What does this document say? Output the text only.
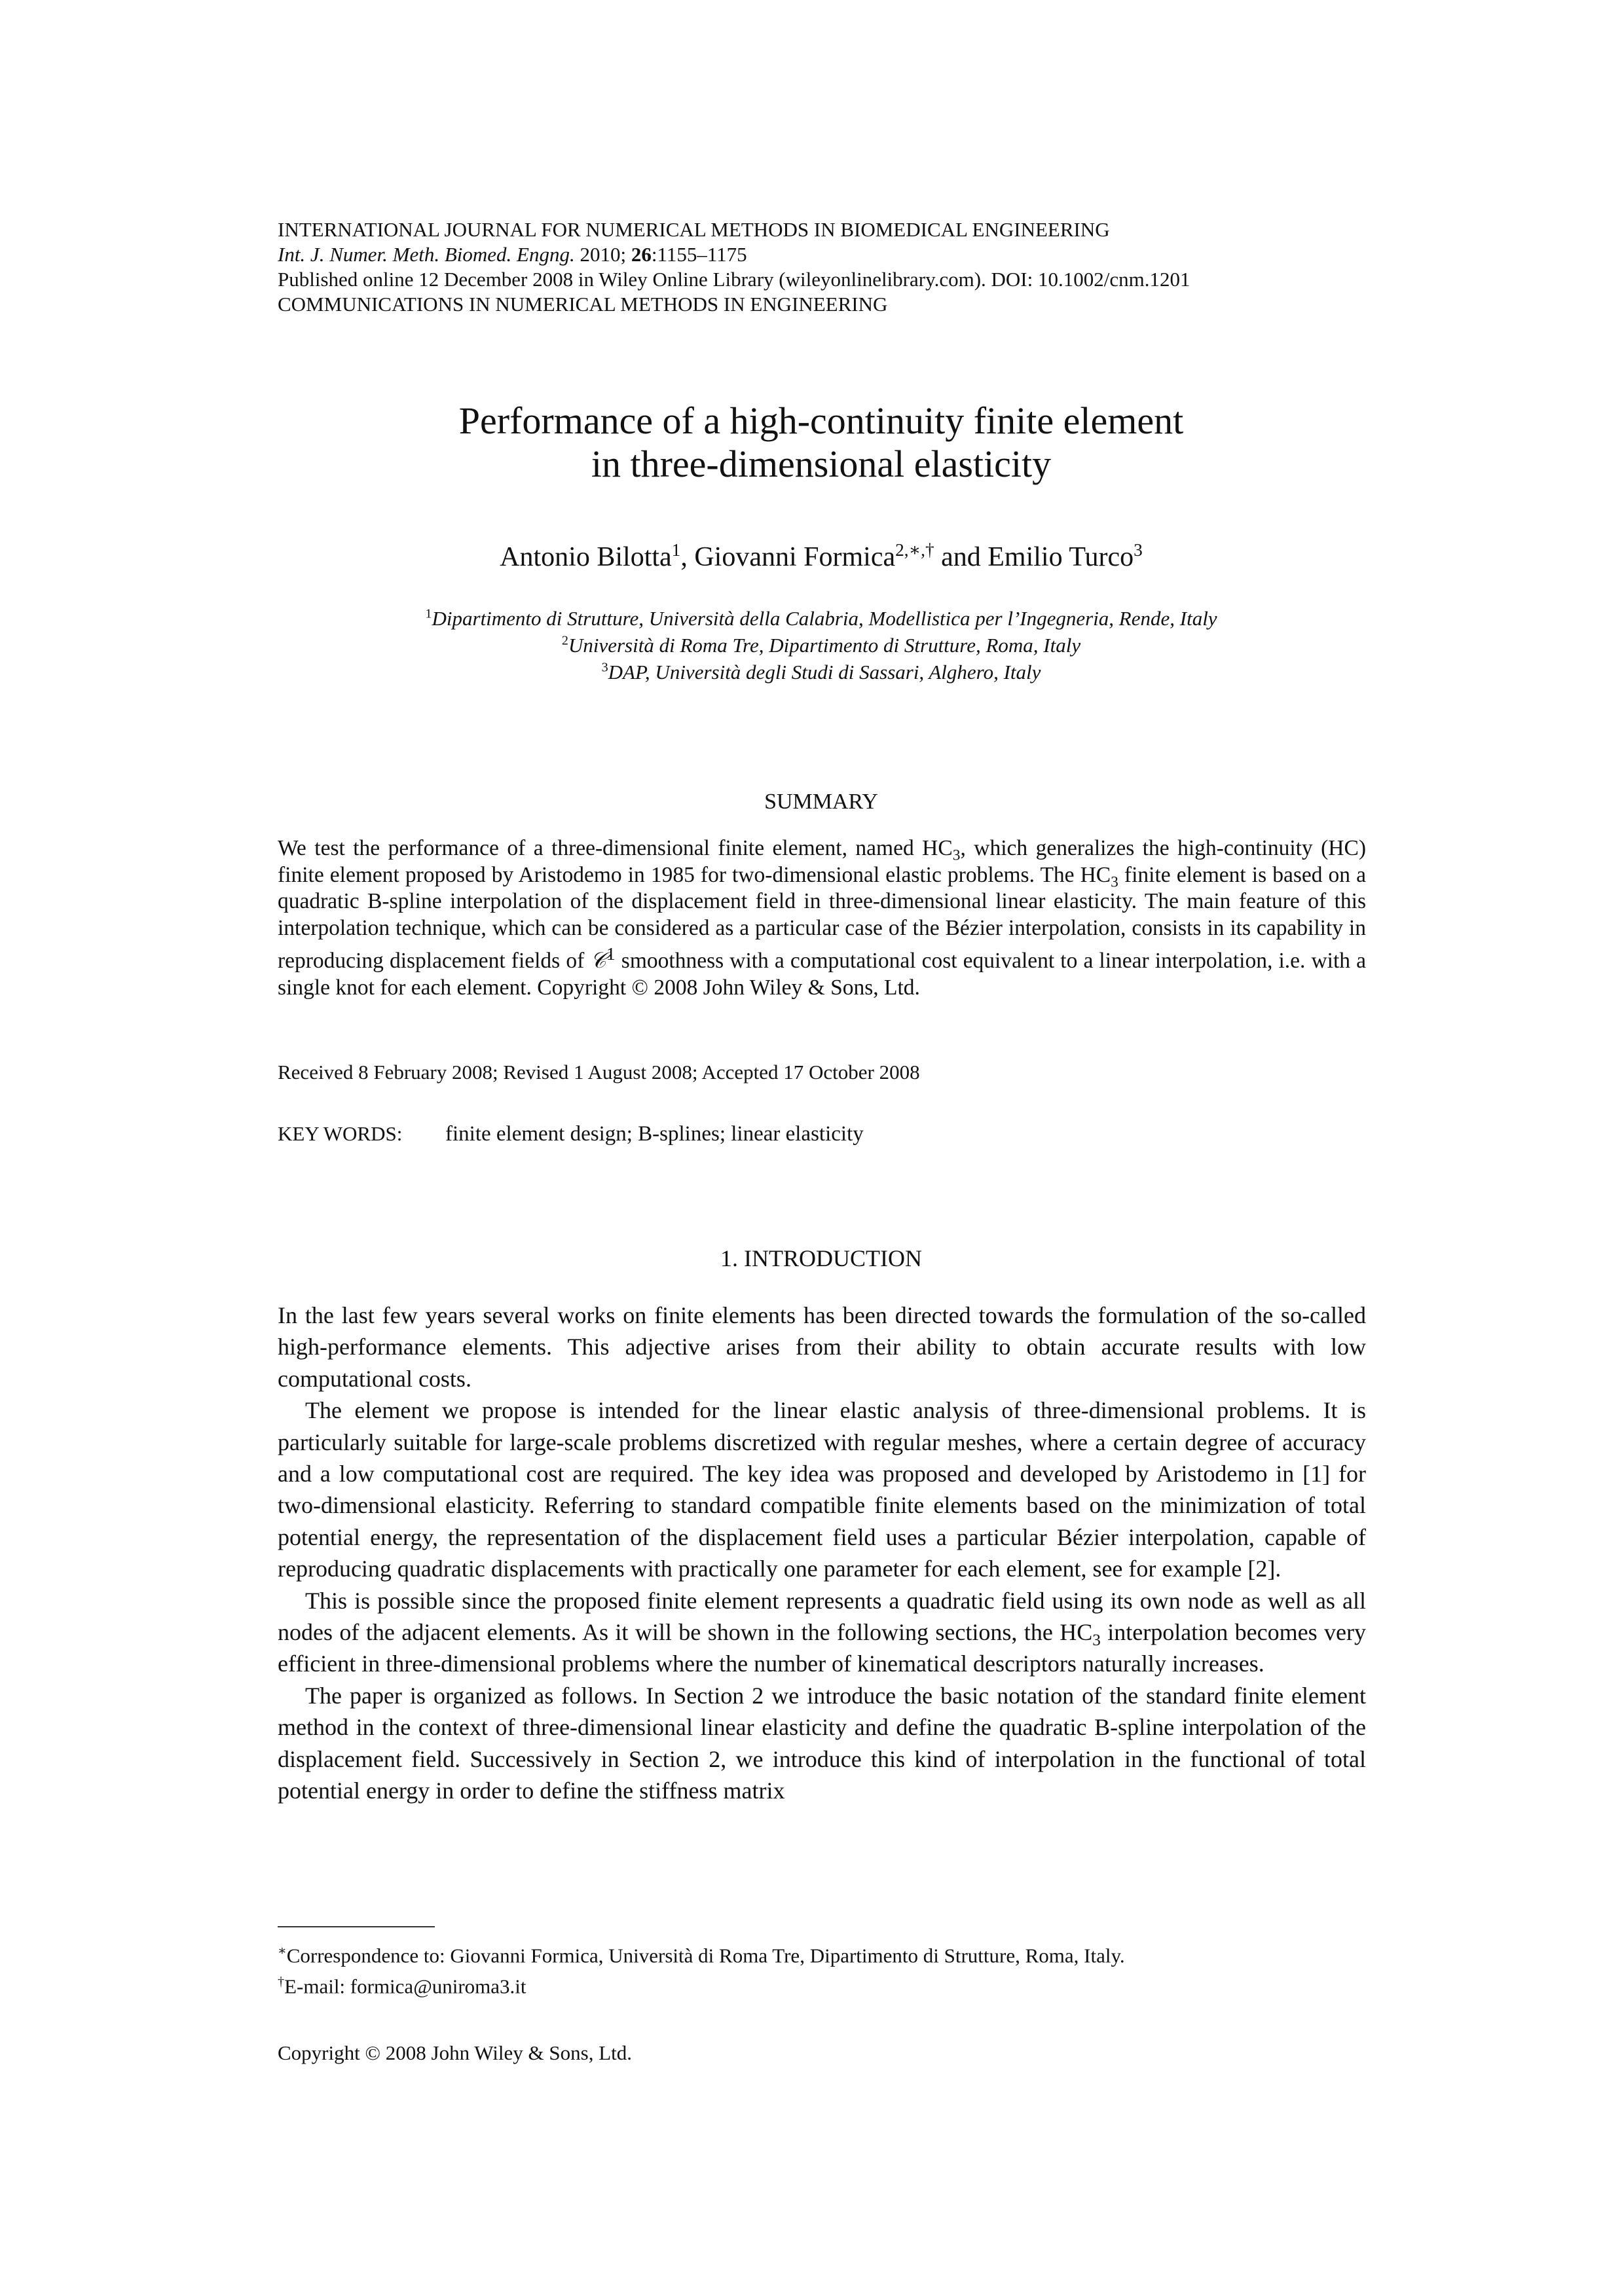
INTERNATIONAL JOURNAL FOR NUMERICAL METHODS IN BIOMEDICAL ENGINEERING
Int. J. Numer. Meth. Biomed. Engng. 2010; 26:1155–1175
Published online 12 December 2008 in Wiley Online Library (wileyonlinelibrary.com). DOI: 10.1002/cnm.1201
COMMUNICATIONS IN NUMERICAL METHODS IN ENGINEERING
Performance of a high-continuity finite element
in three-dimensional elasticity
Antonio Bilotta$^1$, Giovanni Formica$^{2,∗,\dagger}$ and Emilio Turco$^3$
$^1$Dipartimento di Strutture, Università della Calabria, Modellistica per l’Ingegneria, Rende, Italy
$^2$Università di Roma Tre, Dipartimento di Strutture, Roma, Italy
$^3$DAP, Università degli Studi di Sassari, Alghero, Italy
SUMMARY
We test the performance of a three-dimensional finite element, named $HC_3$, which generalizes the high-continuity (HC) finite element proposed by Aristodemo in 1985 for two-dimensional elastic problems. The $HC_3$ finite element is based on a quadratic B-spline interpolation of the displacement field in three-dimensional linear elasticity. The main feature of this interpolation technique, which can be considered as a particular case of the Bézier interpolation, consists in its capability in reproducing displacement fields of 𝒞$^1$ smoothness with a computational cost equivalent to a linear interpolation, i.e. with a single knot for each element. Copyright © 2008 John Wiley & Sons, Ltd.
Received 8 February 2008; Revised 1 August 2008; Accepted 17 October 2008
KEY WORDS: finite element design; B-splines; linear elasticity
1. INTRODUCTION

In the last few years several works on finite elements has been directed towards the formulation of the so-called high-performance elements. This adjective arises from their ability to obtain accurate results with low computational costs.

The element we propose is intended for the linear elastic analysis of three-dimensional problems. It is particularly suitable for large-scale problems discretized with regular meshes, where a certain degree of accuracy and a low computational cost are required. The key idea was proposed and developed by Aristodemo in [1] for two-dimensional elasticity. Referring to standard compatible finite elements based on the minimization of total potential energy, the representation of the displacement field uses a particular Bézier interpolation, capable of reproducing quadratic displacements with practically one parameter for each element, see for example [2].

This is possible since the proposed finite element represents a quadratic field using its own node as well as all nodes of the adjacent elements. As it will be shown in the following sections, the $HC_3$ interpolation becomes very efficient in three-dimensional problems where the number of kinematical descriptors naturally increases.

The paper is organized as follows. In Section 2 we introduce the basic notation of the standard finite element method in the context of three-dimensional linear elasticity and define the quadratic B-spline interpolation of the displacement field. Successively in Section 2, we introduce this kind of interpolation in the functional of total potential energy in order to define the stiffness matrix

∗Correspondence to: Giovanni Formica, Università di Roma Tre, Dipartimento di Strutture, Roma, Italy.
†E-mail: formica@uniroma3.it
Copyright © 2008 John Wiley & Sons, Ltd.
